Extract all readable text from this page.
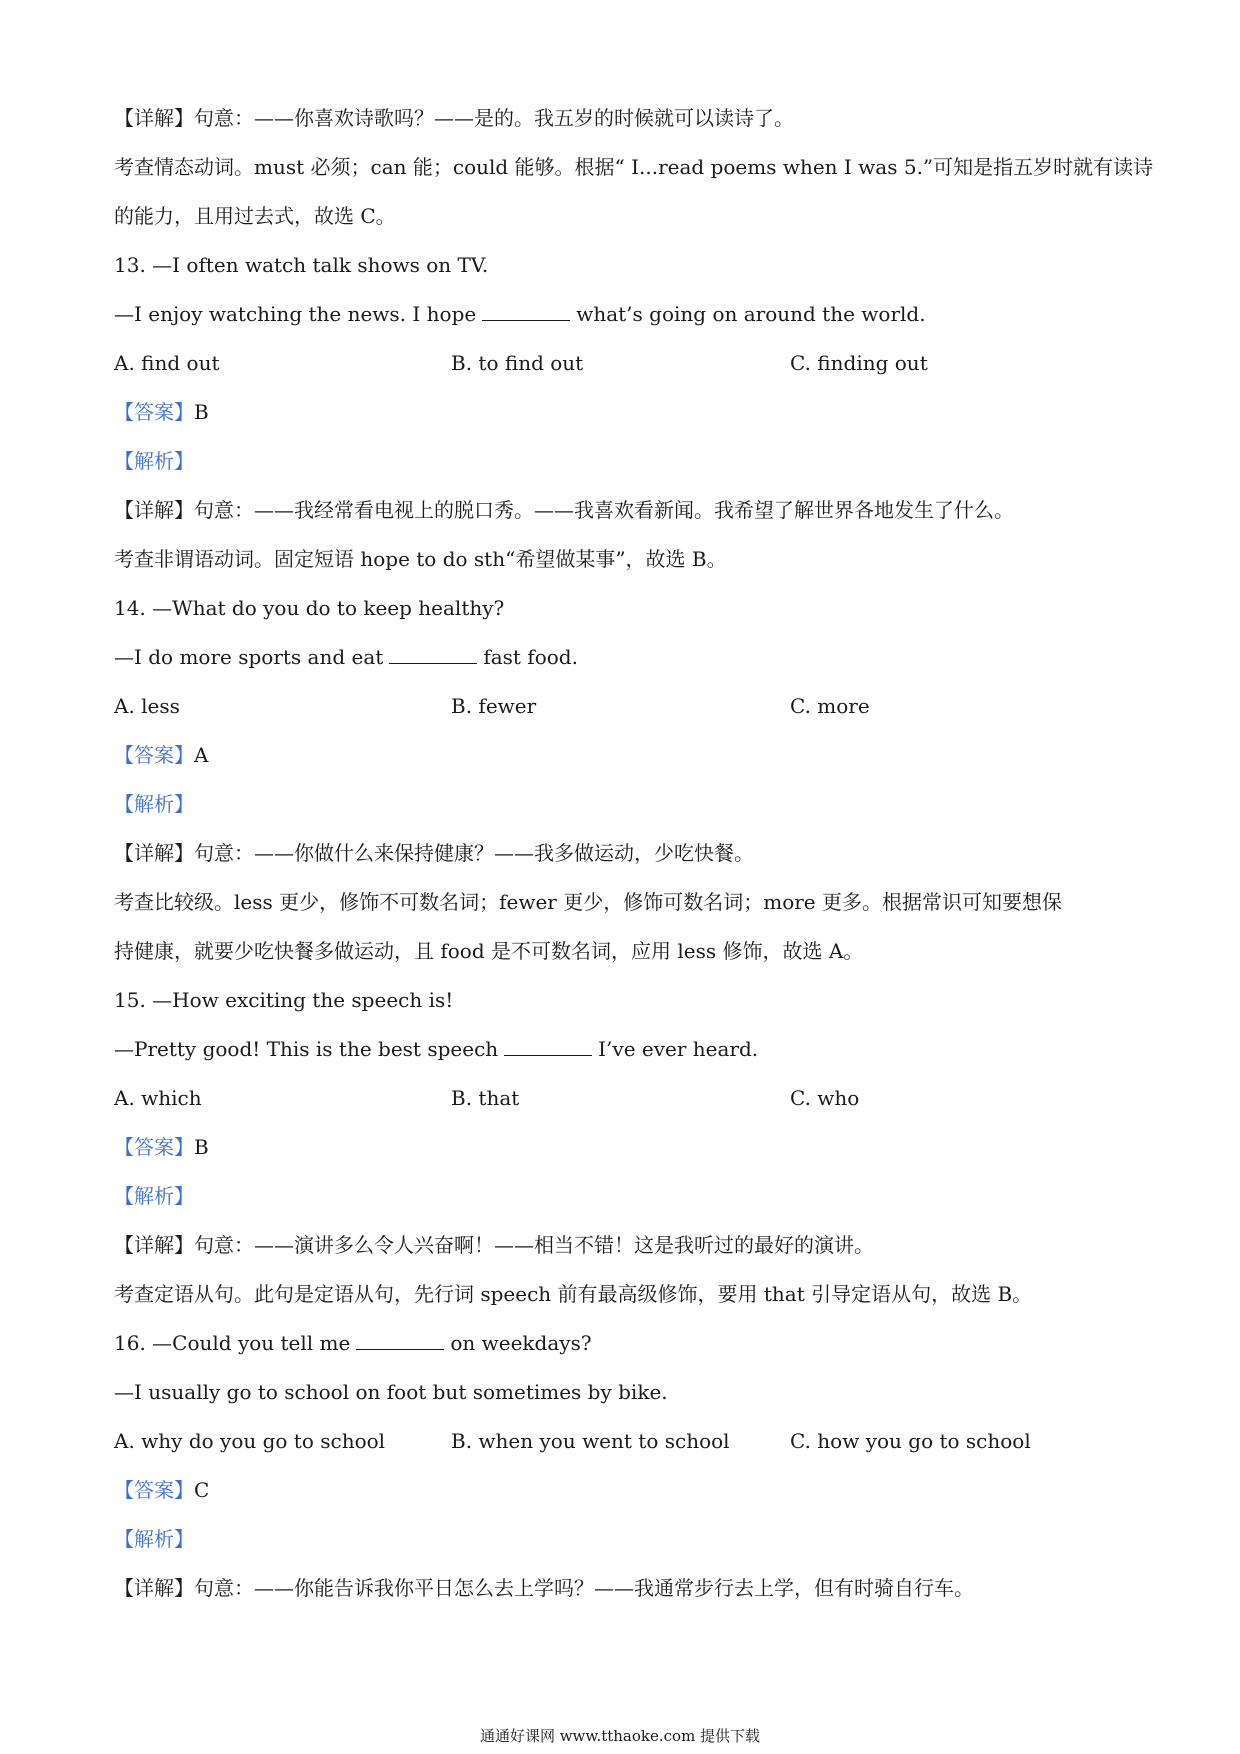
【详解】句意：——你喜欢诗歌吗？——是的。我五岁的时候就可以读诗了。
考查情态动词。must 必须；can 能；could 能够。根据“ I...read poems when I was 5.”可知是指五岁时就有读诗
的能力，且用过去式，故选 C。
13. —I often watch talk shows on TV.
—I enjoy watching the news. I hope	what’s going on around the world.
A. find out	B. to find out	C. finding out
【答案】B
【解析】
【详解】句意：——我经常看电视上的脱口秀。——我喜欢看新闻。我希望了解世界各地发生了什么。
考查非谓语动词。固定短语 hope to do sth“希望做某事”，故选 B。
14. —What do you do to keep healthy?
—I do more sports and eat	fast food.
A. less	B. fewer	C. more
【答案】A
【解析】
【详解】句意：——你做什么来保持健康？——我多做运动，少吃快餐。
考查比较级。less 更少，修饰不可数名词；fewer 更少，修饰可数名词；more 更多。根据常识可知要想保
持健康，就要少吃快餐多做运动，且 food 是不可数名词，应用 less 修饰，故选 A。
15. —How exciting the speech is!
—Pretty good! This is the best speech	I’ve ever heard.
A. which	B. that	C. who
【答案】B
【解析】
【详解】句意：——演讲多么令人兴奋啊！——相当不错！这是我听过的最好的演讲。
考查定语从句。此句是定语从句，先行词 speech 前有最高级修饰，要用 that 引导定语从句，故选 B。
16. —Could you tell me	on weekdays?
—I usually go to school on foot but sometimes by bike.
A. why do you go to school	B. when you went to school	C. how you go to school
【答案】C
【解析】
【详解】句意：——你能告诉我你平日怎么去上学吗？——我通常步行去上学，但有时骑自行车。
通通好课网 www.tthaoke.com 提供下载
